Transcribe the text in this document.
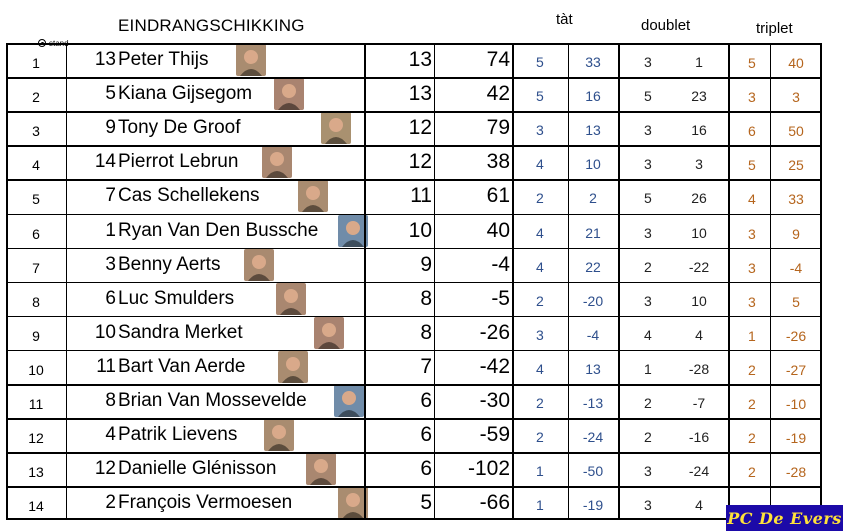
EINDRANGSCHIKKING	tàt	doublet	triplet
1	13 Peter Thijs	13	74	5	33	3	1	5	40
2	5 Kiana Gijsegom	13	42	5	16	5	23	3	3
3	9 Tony De Groof	12	79	3	13	3	16	6	50
4	14 Pierrot Lebrun	12	38	4	10	3	3	5	25
5	7 Cas Schellekens	11	61	2	2	5	26	4	33
6	1 Ryan Van Den Bussche	10	40	4	21	3	10	3	9
7	3 Benny Aerts	9	-4	4	22	2	-22	3	-4
8	6 Luc Smulders	8	-5	2	-20	3	10	3	5
9	10 Sandra Merket	8	-26	3	-4	4	4	1	-26
10	11 Bart Van Aerde	7	-42	4	13	1	-28	2	-27
11	8 Brian Van Mossevelde	6	-30	2	-13	2	-7	2	-10
12	4 Patrik Lievens	6	-59	2	-24	2	-16	2	-19
13	12 Danielle Glénisson	6	-102	1	-50	3	-24	2	-28
14	2 François Vermoesen	5	-66	1	-19	3	4
PC De Evers
